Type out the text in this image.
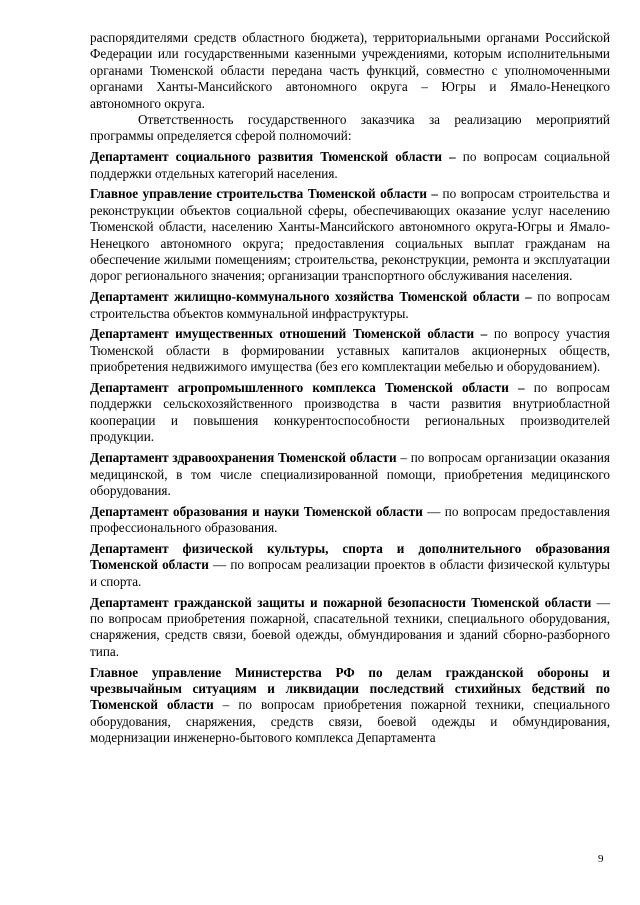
распорядителями средств областного бюджета), территориальными органами Российской Федерации или государственными казенными учреждениями, которым исполнительными органами Тюменской области передана часть функций, совместно с уполномоченными органами Ханты-Мансийского автономного округа – Югры и Ямало-Ненецкого автономного округа.

Ответственность государственного заказчика за реализацию мероприятий программы определяется сферой полномочий:

Департамент социального развития Тюменской области – по вопросам социальной поддержки отдельных категорий населения.

Главное управление строительства Тюменской области – по вопросам строительства и реконструкции объектов социальной сферы, обеспечивающих оказание услуг населению Тюменской области, населению Ханты-Мансийского автономного округа-Югры и Ямало-Ненецкого автономного округа; предоставления социальных выплат гражданам на обеспечение жилыми помещениям; строительства, реконструкции, ремонта и эксплуатации дорог регионального значения; организации транспортного обслуживания населения.

Департамент жилищно-коммунального хозяйства Тюменской области – по вопросам строительства объектов коммунальной инфраструктуры.

Департамент имущественных отношений Тюменской области – по вопросу участия Тюменской области в формировании уставных капиталов акционерных обществ, приобретения недвижимого имущества (без его комплектации мебелью и оборудованием).

Департамент агропромышленного комплекса Тюменской области – по вопросам поддержки сельскохозяйственного производства в части развития внутриобластной кооперации и повышения конкурентоспособности региональных производителей продукции.

Департамент здравоохранения Тюменской области – по вопросам организации оказания медицинской, в том числе специализированной помощи, приобретения медицинского оборудования.

Департамент образования и науки Тюменской области — по вопросам предоставления профессионального образования.

Департамент физической культуры, спорта и дополнительного образования Тюменской области — по вопросам реализации проектов в области физической культуры и спорта.

Департамент гражданской защиты и пожарной безопасности Тюменской области — по вопросам приобретения пожарной, спасательной техники, специального оборудования, снаряжения, средств связи, боевой одежды, обмундирования и зданий сборно-разборного типа.

Главное управление Министерства РФ по делам гражданской обороны и чрезвычайным ситуациям и ликвидации последствий стихийных бедствий по Тюменской области – по вопросам приобретения пожарной техники, специального оборудования, снаряжения, средств связи, боевой одежды и обмундирования, модернизации инженерно-бытового комплекса Департамента

9
